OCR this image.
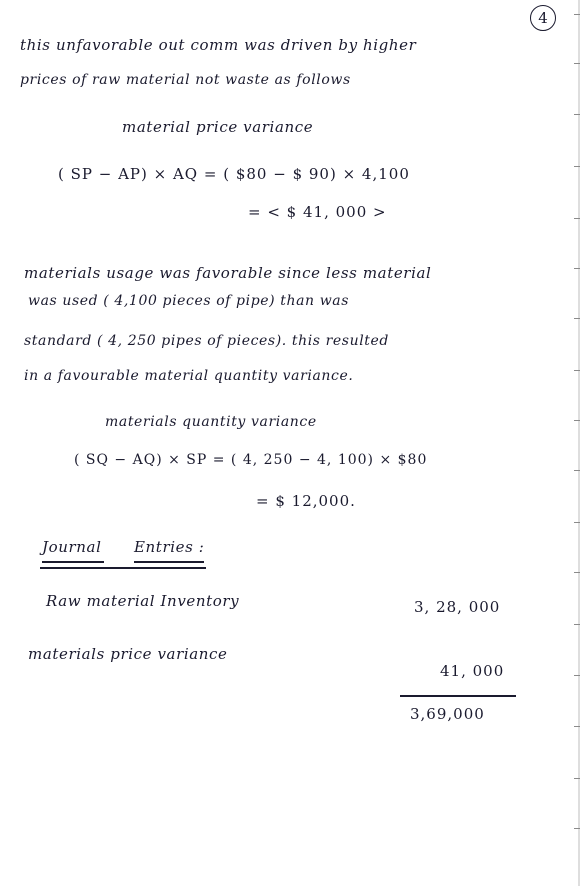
4
this unfavorable out comm was driven by higher
prices of raw material not waste as follows
material price variance
( SP − AP) × AQ = ( $80 − $ 90) × 4,100
= < $ 41, 000 >
materials usage was favorable since less material
was used ( 4,100 pieces of pipe) than was
standard ( 4, 250 pipes of pieces). this resulted
in a favourable material quantity variance.
materials quantity variance
( SQ − AQ) × SP = ( 4, 250 − 4, 100) × $80
= $ 12,000.
Journal Entries :
Raw material Inventory	3, 28, 000
materials price variance
41, 000
3,69,000
